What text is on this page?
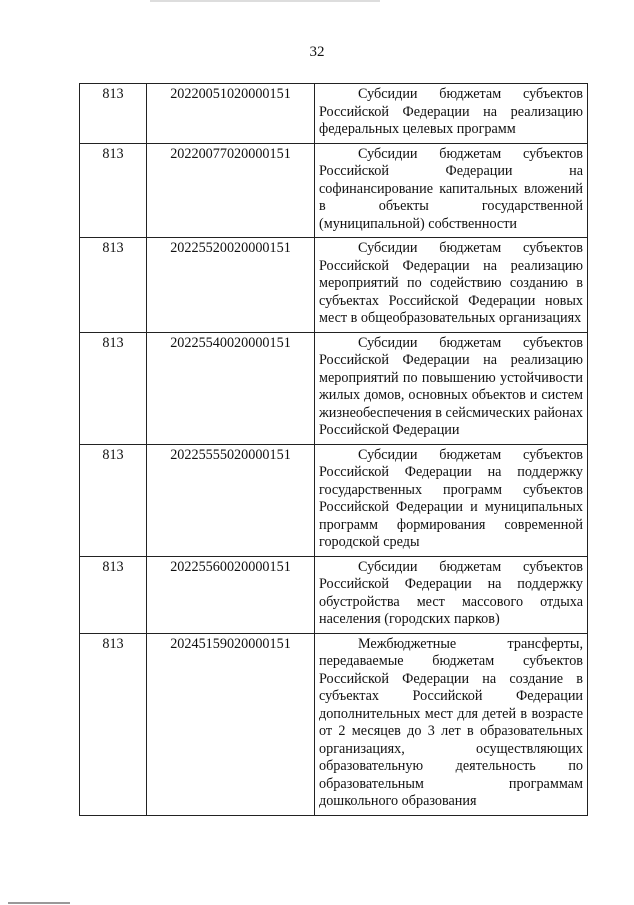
32
813	20220051020000151	Субсидии бюджетам субъектов Российской Федерации на реализацию федеральных целевых программ

813	20220077020000151	Субсидии бюджетам субъектов Российской Федерации на софинансирование капитальных вложений в объекты государственной (муниципальной) собственности

813	20225520020000151	Субсидии бюджетам субъектов Российской Федерации на реализацию мероприятий по содействию созданию в субъектах Российской Федерации новых мест в общеобразовательных организациях

813	20225540020000151	Субсидии бюджетам субъектов Российской Федерации на реализацию мероприятий по повышению устойчивости жилых домов, основных объектов и систем жизнеобеспечения в сейсмических районах Российской Федерации

813	20225555020000151	Субсидии бюджетам субъектов Российской Федерации на поддержку государственных программ субъектов Российской Федерации и муниципальных программ формирования современной городской среды

813	20225560020000151	Субсидии бюджетам субъектов Российской Федерации на поддержку обустройства мест массового отдыха населения (городских парков)

813	20245159020000151	Межбюджетные трансферты, передаваемые бюджетам субъектов Российской Федерации на создание в субъектах Российской Федерации дополнительных мест для детей в возрасте от 2 месяцев до 3 лет в образовательных организациях, осуществляющих образовательную деятельность по образовательным программам дошкольного образования
